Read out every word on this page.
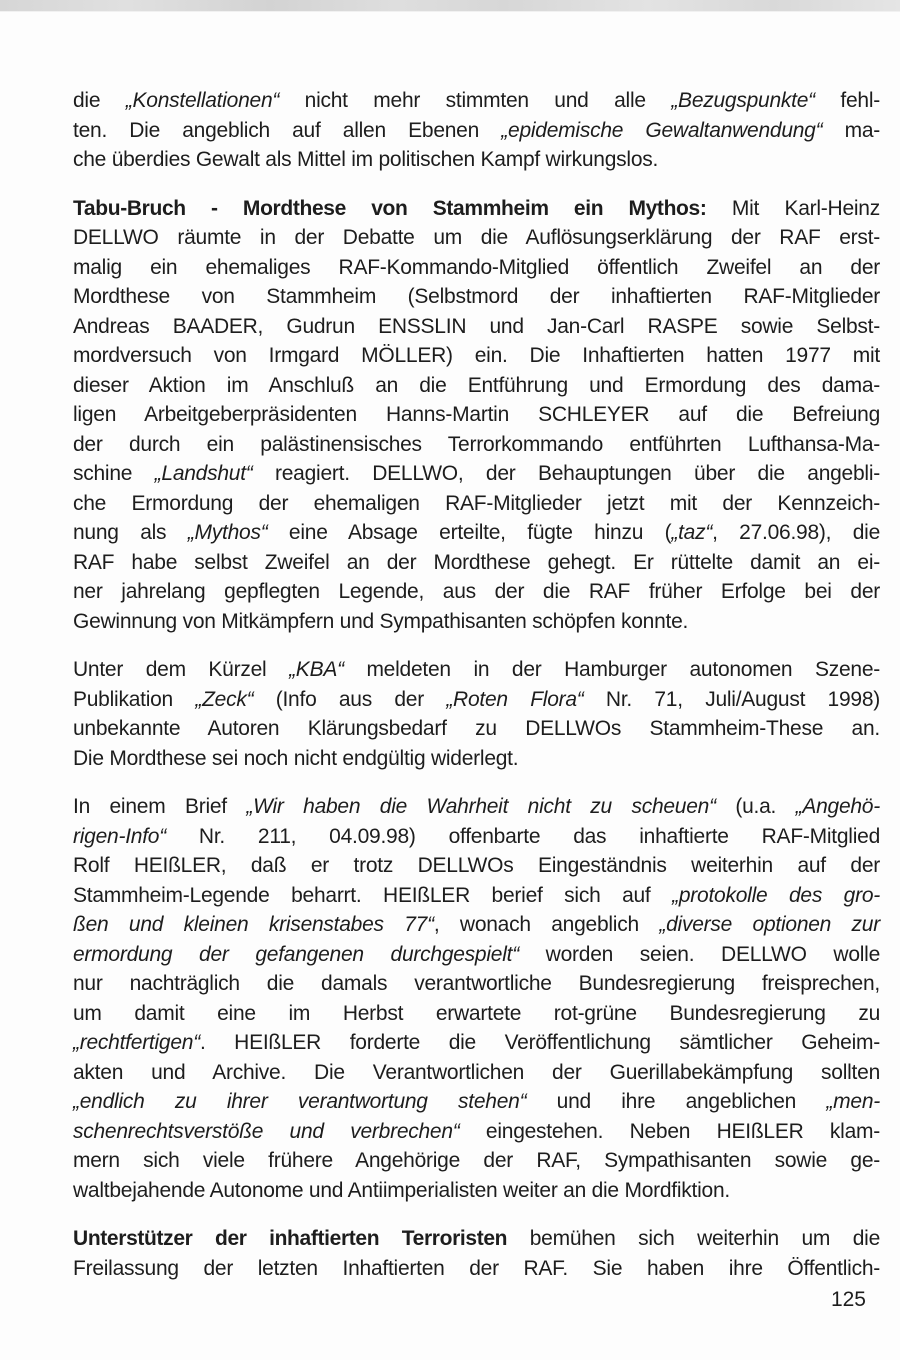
die „Konstellationen“ nicht mehr stimmten und alle „Bezugspunkte“ fehl-
ten. Die angeblich auf allen Ebenen „epidemische Gewaltanwendung“ ma-
che überdies Gewalt als Mittel im politischen Kampf wirkungslos.
Tabu-Bruch - Mordthese von Stammheim ein Mythos: Mit Karl-Heinz
DELLWO räumte in der Debatte um die Auflösungserklärung der RAF erst-
malig ein ehemaliges RAF-Kommando-Mitglied öffentlich Zweifel an der
Mordthese von Stammheim (Selbstmord der inhaftierten RAF-Mitglieder
Andreas BAADER, Gudrun ENSSLIN und Jan-Carl RASPE sowie Selbst-
mordversuch von Irmgard MÖLLER) ein. Die Inhaftierten hatten 1977 mit
dieser Aktion im Anschluß an die Entführung und Ermordung des dama-
ligen Arbeitgeberpräsidenten Hanns-Martin SCHLEYER auf die Befreiung
der durch ein palästinensisches Terrorkommando entführten Lufthansa-Ma-
schine „Landshut“ reagiert. DELLWO, der Behauptungen über die angebli-
che Ermordung der ehemaligen RAF-Mitglieder jetzt mit der Kennzeich-
nung als „Mythos“ eine Absage erteilte, fügte hinzu („taz“, 27.06.98), die
RAF habe selbst Zweifel an der Mordthese gehegt. Er rüttelte damit an ei-
ner jahrelang gepflegten Legende, aus der die RAF früher Erfolge bei der
Gewinnung von Mitkämpfern und Sympathisanten schöpfen konnte.
Unter dem Kürzel „KBA“ meldeten in der Hamburger autonomen Szene-
Publikation „Zeck“ (Info aus der „Roten Flora“ Nr. 71, Juli/August 1998)
unbekannte Autoren Klärungsbedarf zu DELLWOs Stammheim-These an.
Die Mordthese sei noch nicht endgültig widerlegt.
In einem Brief „Wir haben die Wahrheit nicht zu scheuen“ (u.a. „Angehö-
rigen-Info“ Nr. 211, 04.09.98) offenbarte das inhaftierte RAF-Mitglied
Rolf HEIßLER, daß er trotz DELLWOs Eingeständnis weiterhin auf der
Stammheim-Legende beharrt. HEIßLER berief sich auf „protokolle des gro-
ßen und kleinen krisenstabes 77“, wonach angeblich „diverse optionen zur
ermordung der gefangenen durchgespielt“ worden seien. DELLWO wolle
nur nachträglich die damals verantwortliche Bundesregierung freisprechen,
um damit eine im Herbst erwartete rot-grüne Bundesregierung zu
„rechtfertigen“. HEIßLER forderte die Veröffentlichung sämtlicher Geheim-
akten und Archive. Die Verantwortlichen der Guerillabekämpfung sollten
„endlich zu ihrer verantwortung stehen“ und ihre angeblichen „men-
schenrechtsverstöße und verbrechen“ eingestehen. Neben HEIßLER klam-
mern sich viele frühere Angehörige der RAF, Sympathisanten sowie ge-
waltbejahende Autonome und Antiimperialisten weiter an die Mordfiktion.
Unterstützer der inhaftierten Terroristen bemühen sich weiterhin um die
Freilassung der letzten Inhaftierten der RAF. Sie haben ihre Öffentlich-
125
